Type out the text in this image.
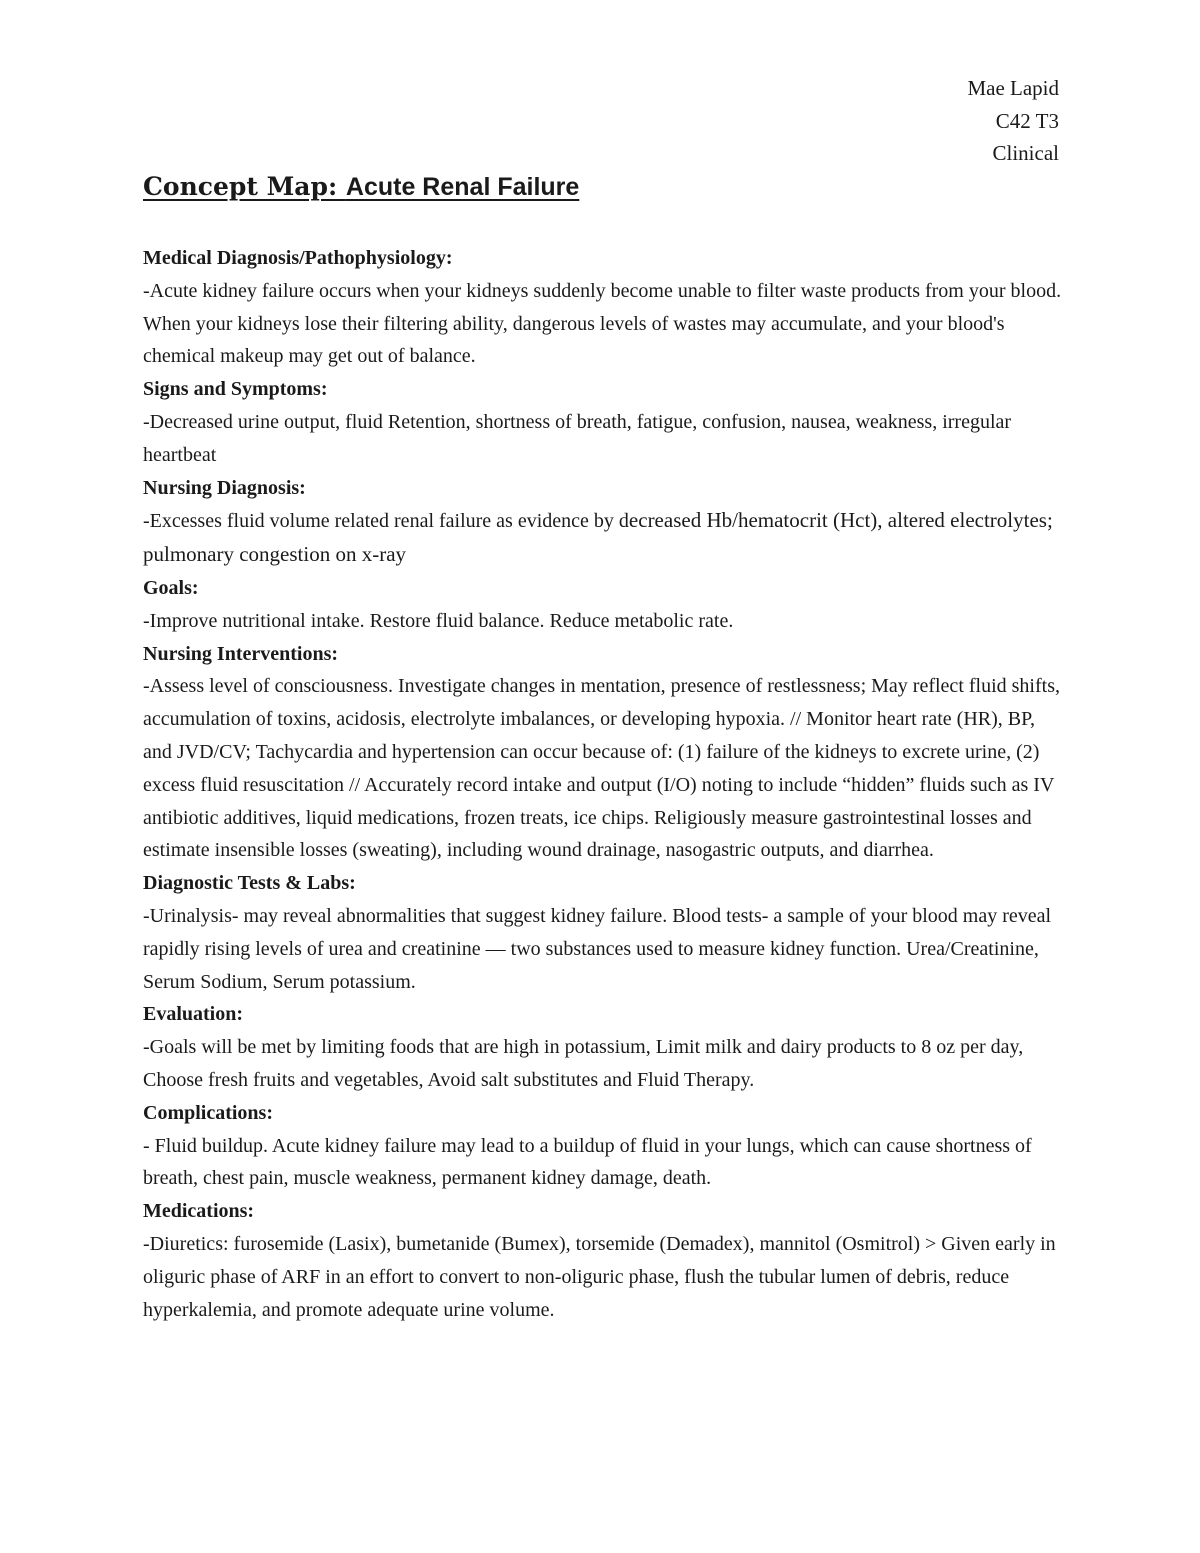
Mae Lapid
C42 T3
Clinical
Concept Map: Acute Renal Failure

Medical Diagnosis/Pathophysiology:

-Acute kidney failure occurs when your kidneys suddenly become unable to filter waste products from your blood. When your kidneys lose their filtering ability, dangerous levels of wastes may accumulate, and your blood's chemical makeup may get out of balance.

Signs and Symptoms:

-Decreased urine output, fluid Retention, shortness of breath, fatigue, confusion, nausea, weakness, irregular heartbeat

Nursing Diagnosis:

-Excesses fluid volume related renal failure as evidence by decreased Hb/hematocrit (Hct), altered electrolytes; pulmonary congestion on x-ray

Goals:

-Improve nutritional intake. Restore fluid balance. Reduce metabolic rate.

Nursing Interventions:

-Assess level of consciousness. Investigate changes in mentation, presence of restlessness; May reflect fluid shifts, accumulation of toxins, acidosis, electrolyte imbalances, or developing hypoxia. // Monitor heart rate (HR), BP, and JVD/CV; Tachycardia and hypertension can occur because of: (1) failure of the kidneys to excrete urine, (2) excess fluid resuscitation // Accurately record intake and output (I/O) noting to include “hidden” fluids such as IV antibiotic additives, liquid medications, frozen treats, ice chips. Religiously measure gastrointestinal losses and estimate insensible losses (sweating), including wound drainage, nasogastric outputs, and diarrhea.

Diagnostic Tests & Labs:

-Urinalysis- may reveal abnormalities that suggest kidney failure. Blood tests- a sample of your blood may reveal rapidly rising levels of urea and creatinine — two substances used to measure kidney function. Urea/Creatinine, Serum Sodium, Serum potassium.

Evaluation:

-Goals will be met by limiting foods that are high in potassium, Limit milk and dairy products to 8 oz per day, Choose fresh fruits and vegetables, Avoid salt substitutes and Fluid Therapy.

Complications:

- Fluid buildup. Acute kidney failure may lead to a buildup of fluid in your lungs, which can cause shortness of breath, chest pain, muscle weakness, permanent kidney damage, death.

Medications:

-Diuretics: furosemide (Lasix), bumetanide (Bumex), torsemide (Demadex), mannitol (Osmitrol) > Given early in oliguric phase of ARF in an effort to convert to non-oliguric phase, flush the tubular lumen of debris, reduce hyperkalemia, and promote adequate urine volume.
